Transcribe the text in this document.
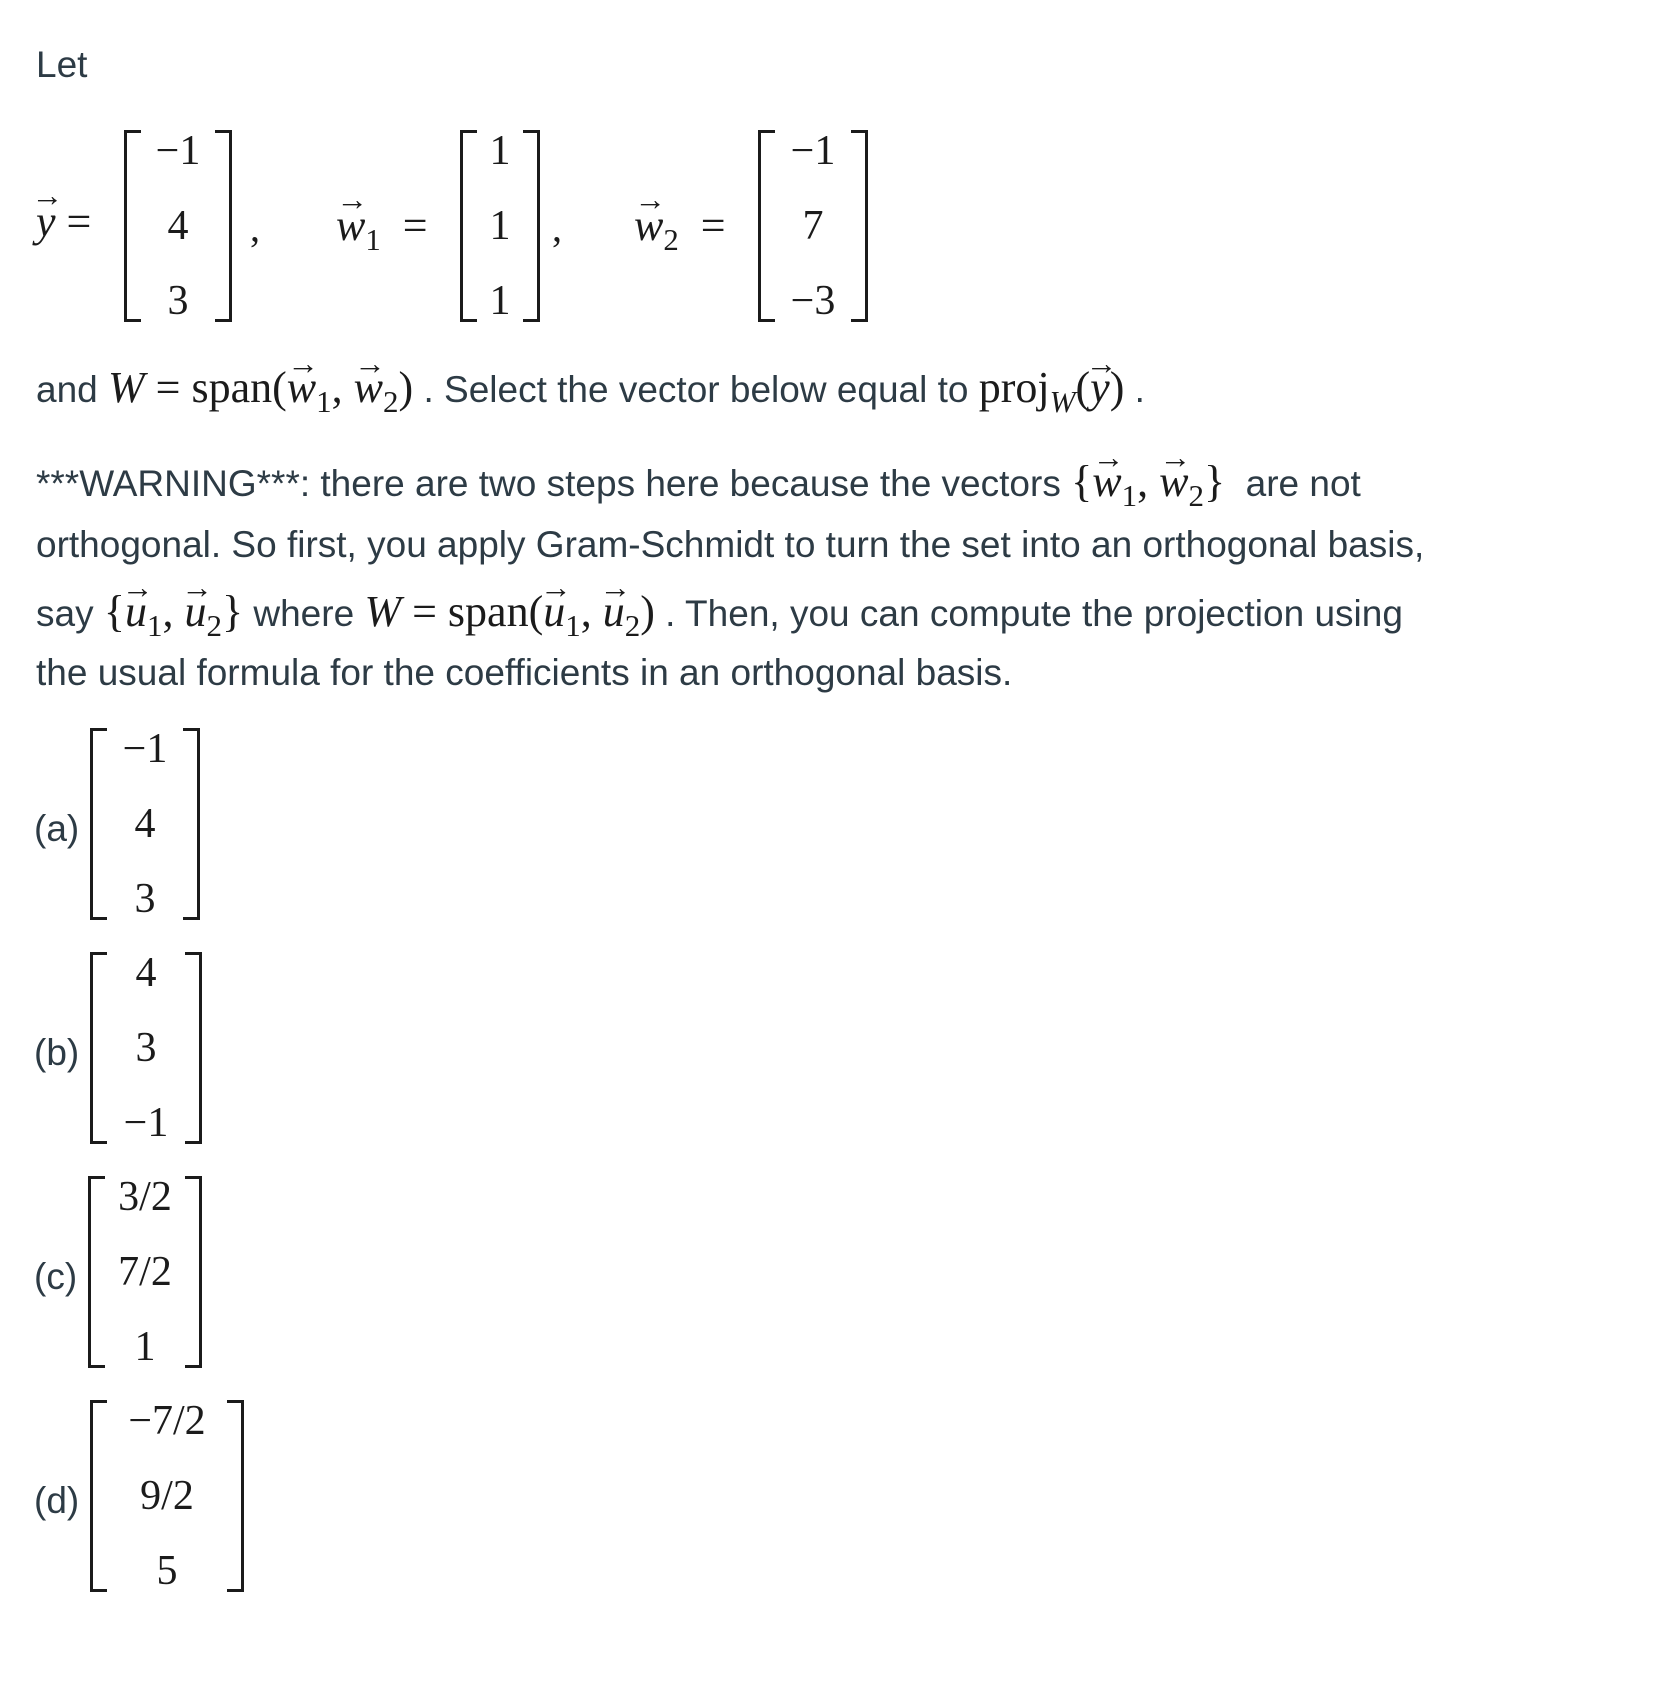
Let
→ y =
−1
4
3
, → $w_1$  =
1
1
1
, → $w_2$  =
−1
7
−3
and W = span(→ $w_1$, → $w_2$) . Select the vector below equal to proj$_W$(→ y) .
***WARNING***: there are two steps here because the vectors {→ $w_1$, → $w_2$}  are not
orthogonal. So first, you apply Gram-Schmidt to turn the set into an orthogonal basis,
say {→ $u_1$, → $u_2$} where W = span(→ $u_1$, → $u_2$) . Then, you can compute the projection using
the usual formula for the coefficients in an orthogonal basis.
(a)
−1
4
3
(b)
4
3
−1
(c)
3/2
7/2
1
(d)
−7/2
9/2
5
